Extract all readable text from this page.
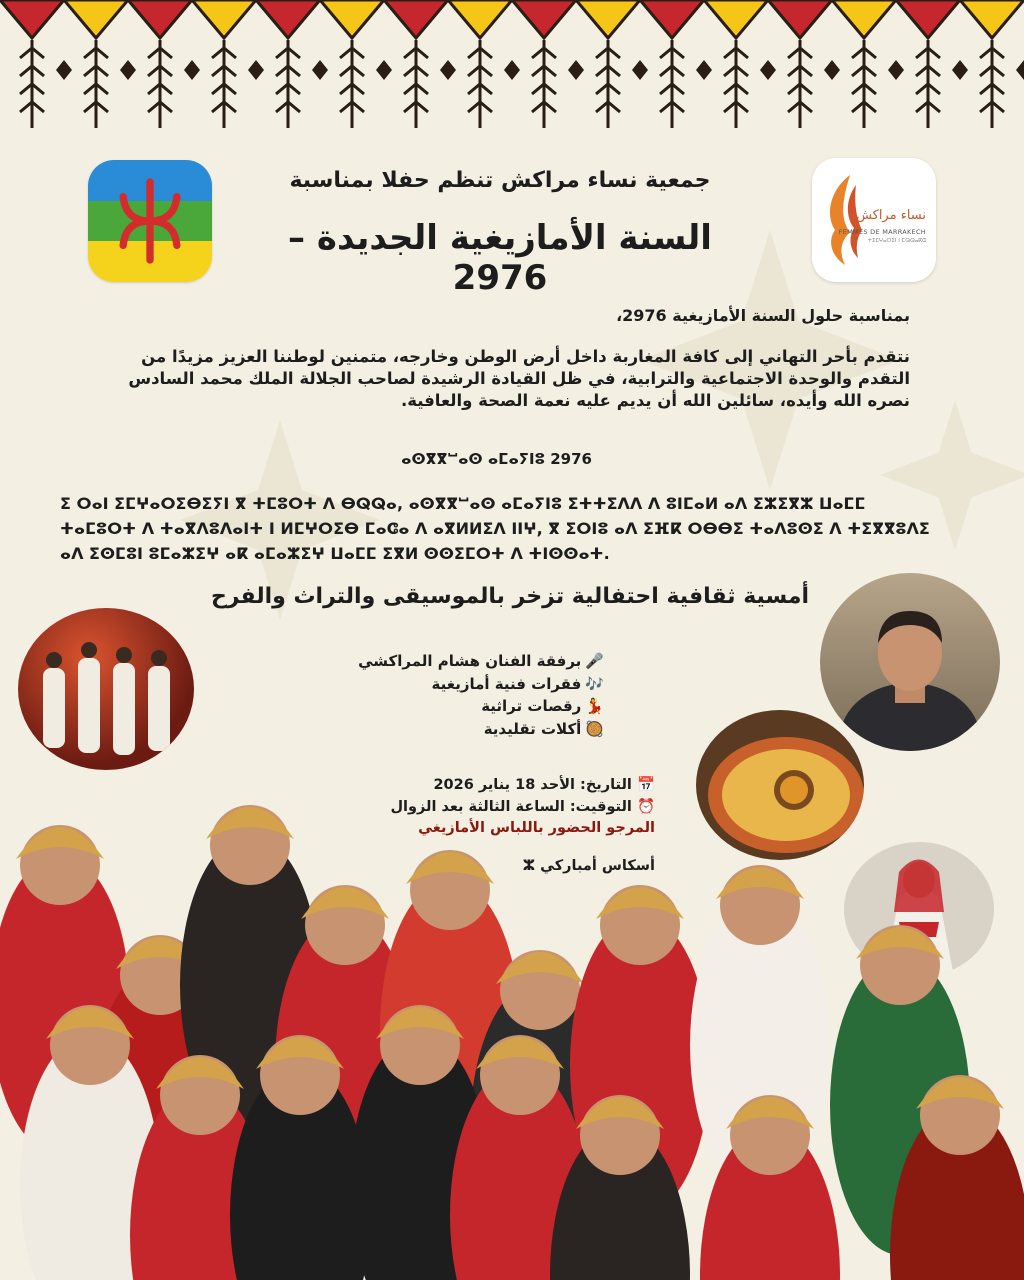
نساء مراكش
FEMMES DE MARRAKECH
ⵜⵉⵎⵖⴰⵔⵉⵏ ⵏ ⵎⵕⵕⴰⴽⵛ
جمعية نساء مراكش تنظم حفلا بمناسبة
السنة الأمازيغية الجديدة – 2976
بمناسبة حلول السنة الأمازيغية 2976،
نتقدم بأحر التهاني إلى كافة المغاربة داخل أرض الوطن وخارجه، متمنين لوطننا العزيز مزيدًا من التقدم والوحدة الاجتماعية والترابية، في ظل القيادة الرشيدة لصاحب الجلالة الملك محمد السادس نصره الله وأيده، سائلين الله أن يديم عليه نعمة الصحة والعافية.
2976 ⴰⵙⴳⴳⵯⴰⵙ ⴰⵎⴰⵢⵏⵓ
ⵉ ⵔⴰⵏ ⵉⵎⵖⴰⵔⵉⴱⵉⵢⵏ ⴳ ⵜⵎⵓⵔⵜ ⴷ ⴱⵕⵕⴰ, ⴰⵙⴳⴳⵯⴰⵙ ⴰⵎⴰⵢⵏⵓ ⵉⵜⵜⵉⴷⴷ ⴷ ⵓⵏⵎⴰⵍ ⴰⴷ ⵉⵣⵉⴳⵣ ⵡⴰⵎⵎ ⵜⴰⵎⵓⵔⵜ ⴷ ⵜⴰⴳⴷⵓⴷⴰⵏⵜ ⵏ ⵍⵎⵖⵔⵉⴱ ⵎⴰⵛⴰ ⴷ ⴰⴳⵍⵍⵉⴷ ⵏⵏⵖ, ⴳ ⵉⵔⵏⵓ ⴰⴷ ⵉⴼⴽ ⵔⴱⴱⵉ ⵜⴰⴷⵓⵙⵉ ⴷ ⵜⵉⴳⴳⵓⴷⵉ ⴰⴷ ⵉⵙⵎⵓⵏ ⵓⵎⴰⵣⵉⵖ ⴰⴽ ⴰⵎⴰⵣⵉⵖ ⵡⴰⵎⵎ ⵉⴳⵍ ⵙⵙⵉⵎⵔⵜ ⴷ ⵜⵏⵙⵙⴰⵜ.
أمسية ثقافية احتفالية تزخر بالموسيقى والتراث والفرح
🎤برفقة الفنان هشام المراكشي
🎶فقرات فنية أمازيغية
💃رقصات تراثية
🥘أكلات تقليدية
📅 التاريخ: الأحد 18 يناير 2026
⏰ التوقيت: الساعة الثالثة بعد الزوال
المرجو الحضور باللباس الأمازيغي
أسكاس أمباركي ⵣ
